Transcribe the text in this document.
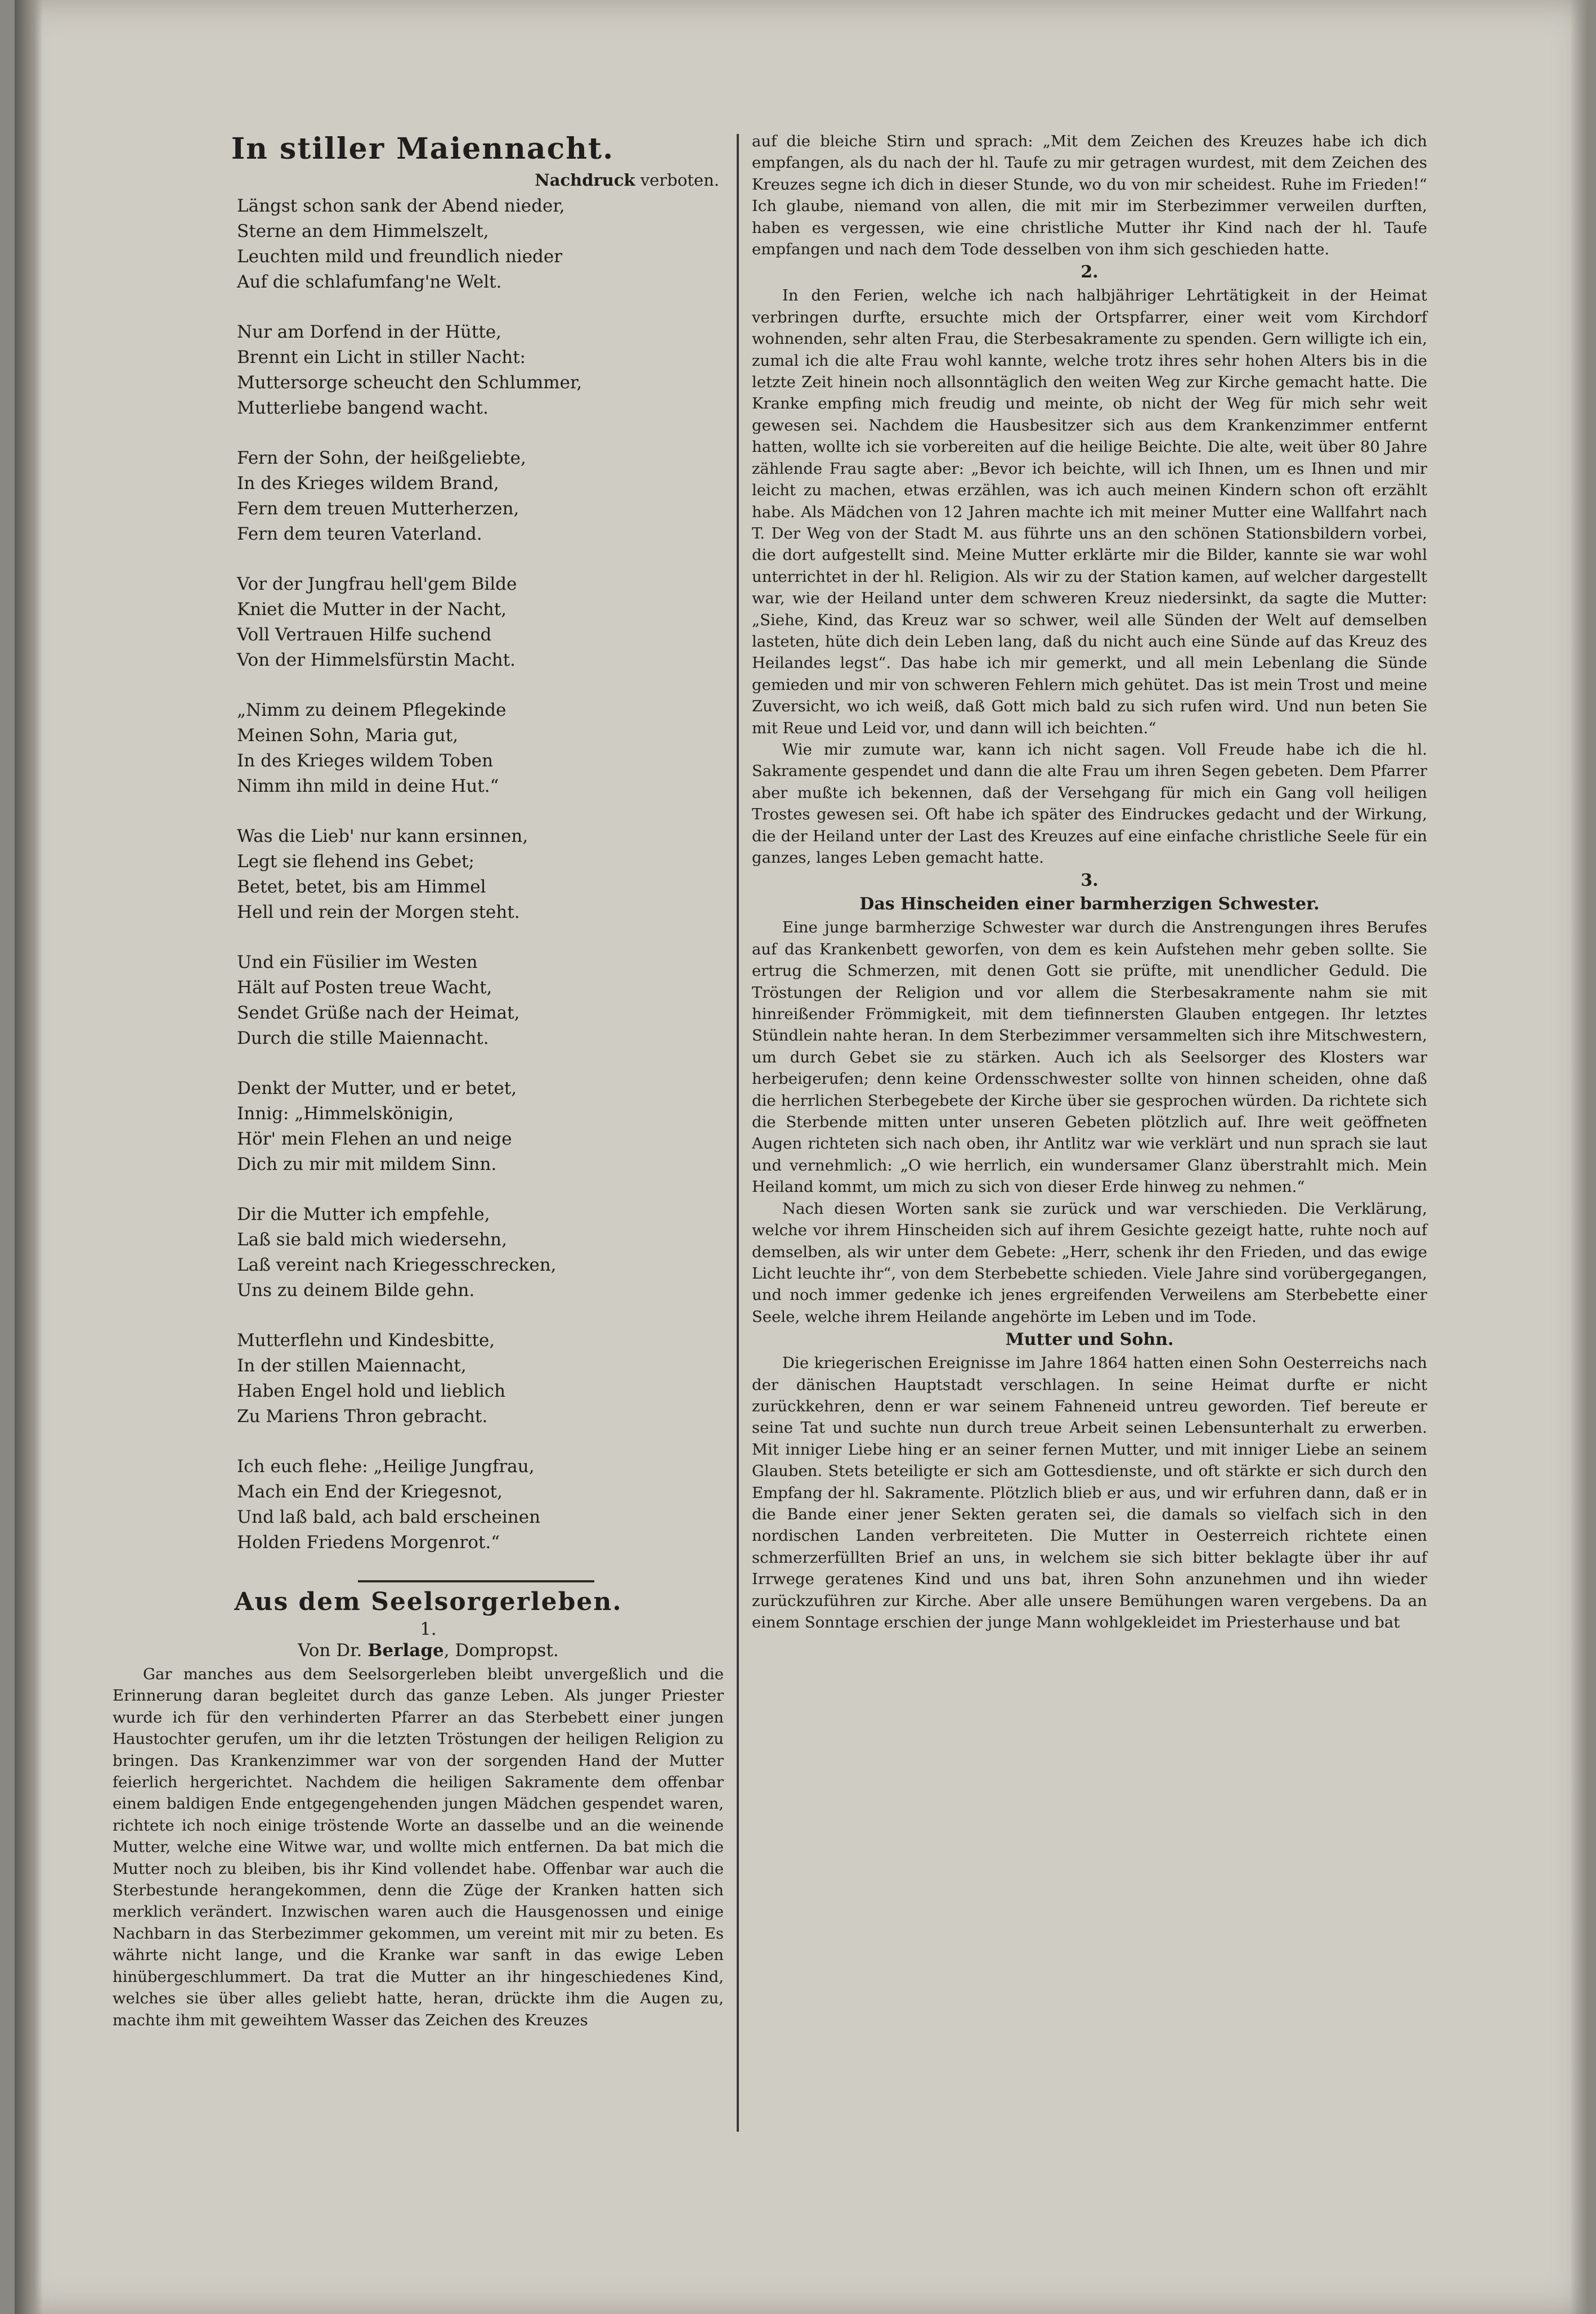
In stiller Maiennacht.
Nachdruck verboten.
Längst schon sank der Abend nieder,
Sterne an dem Himmelszelt,
Leuchten mild und freundlich nieder
Auf die schlafumfang'ne Welt.
Nur am Dorfend in der Hütte,
Brennt ein Licht in stiller Nacht:
Muttersorge scheucht den Schlummer,
Mutterliebe bangend wacht.
Fern der Sohn, der heißgeliebte,
In des Krieges wildem Brand,
Fern dem treuen Mutterherzen,
Fern dem teuren Vaterland.
Vor der Jungfrau hell'gem Bilde
Kniet die Mutter in der Nacht,
Voll Vertrauen Hilfe suchend
Von der Himmelsfürstin Macht.
„Nimm zu deinem Pflegekinde
Meinen Sohn, Maria gut,
In des Krieges wildem Toben
Nimm ihn mild in deine Hut.“
Was die Lieb' nur kann ersinnen,
Legt sie flehend ins Gebet;
Betet, betet, bis am Himmel
Hell und rein der Morgen steht.
Und ein Füsilier im Westen
Hält auf Posten treue Wacht,
Sendet Grüße nach der Heimat,
Durch die stille Maiennacht.
Denkt der Mutter, und er betet,
Innig: „Himmelskönigin,
Hör' mein Flehen an und neige
Dich zu mir mit mildem Sinn.
Dir die Mutter ich empfehle,
Laß sie bald mich wiedersehn,
Laß vereint nach Kriegesschrecken,
Uns zu deinem Bilde gehn.
Mutterflehn und Kindesbitte,
In der stillen Maiennacht,
Haben Engel hold und lieblich
Zu Mariens Thron gebracht.
Ich euch flehe: „Heilige Jungfrau,
Mach ein End der Kriegesnot,
Und laß bald, ach bald erscheinen
Holden Friedens Morgenrot.“
Aus dem Seelsorgerleben.
1.
Von Dr. Berlage, Dompropst.

Gar manches aus dem Seelsorgerleben bleibt unvergeßlich und die Erinnerung daran begleitet durch das ganze Leben. Als junger Priester wurde ich für den verhinderten Pfarrer an das Sterbebett einer jungen Haustochter gerufen, um ihr die letzten Tröstungen der heiligen Religion zu bringen. Das Krankenzimmer war von der sorgenden Hand der Mutter feierlich hergerichtet. Nachdem die heiligen Sakramente dem offenbar einem baldigen Ende entgegengehenden jungen Mädchen gespendet waren, richtete ich noch einige tröstende Worte an dasselbe und an die weinende Mutter, welche eine Witwe war, und wollte mich entfernen. Da bat mich die Mutter noch zu bleiben, bis ihr Kind vollendet habe. Offenbar war auch die Sterbestunde herangekommen, denn die Züge der Kranken hatten sich merklich verändert. Inzwischen waren auch die Hausgenossen und einige Nachbarn in das Sterbezimmer gekommen, um vereint mit mir zu beten. Es währte nicht lange, und die Kranke war sanft in das ewige Leben hinübergeschlummert. Da trat die Mutter an ihr hingeschiedenes Kind, welches sie über alles geliebt hatte, heran, drückte ihm die Augen zu, machte ihm mit geweihtem Wasser das Zeichen des Kreuzes

auf die bleiche Stirn und sprach: „Mit dem Zeichen des Kreuzes habe ich dich empfangen, als du nach der hl. Taufe zu mir getragen wurdest, mit dem Zeichen des Kreuzes segne ich dich in dieser Stunde, wo du von mir scheidest. Ruhe im Frieden!“ Ich glaube, niemand von allen, die mit mir im Sterbezimmer verweilen durften, haben es vergessen, wie eine christliche Mutter ihr Kind nach der hl. Taufe empfangen und nach dem Tode desselben von ihm sich geschieden hatte.

2.

In den Ferien, welche ich nach halbjähriger Lehrtätigkeit in der Heimat verbringen durfte, ersuchte mich der Ortspfarrer, einer weit vom Kirchdorf wohnenden, sehr alten Frau, die Sterbesakramente zu spenden. Gern willigte ich ein, zumal ich die alte Frau wohl kannte, welche trotz ihres sehr hohen Alters bis in die letzte Zeit hinein noch allsonntäglich den weiten Weg zur Kirche gemacht hatte. Die Kranke empfing mich freudig und meinte, ob nicht der Weg für mich sehr weit gewesen sei. Nachdem die Hausbesitzer sich aus dem Krankenzimmer entfernt hatten, wollte ich sie vorbereiten auf die heilige Beichte. Die alte, weit über 80 Jahre zählende Frau sagte aber: „Bevor ich beichte, will ich Ihnen, um es Ihnen und mir leicht zu machen, etwas erzählen, was ich auch meinen Kindern schon oft erzählt habe. Als Mädchen von 12 Jahren machte ich mit meiner Mutter eine Wallfahrt nach T. Der Weg von der Stadt M. aus führte uns an den schönen Stationsbildern vorbei, die dort aufgestellt sind. Meine Mutter erklärte mir die Bilder, kannte sie war wohl unterrichtet in der hl. Religion. Als wir zu der Station kamen, auf welcher dargestellt war, wie der Heiland unter dem schweren Kreuz niedersinkt, da sagte die Mutter: „Siehe, Kind, das Kreuz war so schwer, weil alle Sünden der Welt auf demselben lasteten, hüte dich dein Leben lang, daß du nicht auch eine Sünde auf das Kreuz des Heilandes legst“. Das habe ich mir gemerkt, und all mein Lebenlang die Sünde gemieden und mir von schweren Fehlern mich gehütet. Das ist mein Trost und meine Zuversicht, wo ich weiß, daß Gott mich bald zu sich rufen wird. Und nun beten Sie mit Reue und Leid vor, und dann will ich beichten.“

Wie mir zumute war, kann ich nicht sagen. Voll Freude habe ich die hl. Sakramente gespendet und dann die alte Frau um ihren Segen gebeten. Dem Pfarrer aber mußte ich bekennen, daß der Versehgang für mich ein Gang voll heiligen Trostes gewesen sei. Oft habe ich später des Eindruckes gedacht und der Wirkung, die der Heiland unter der Last des Kreuzes auf eine einfache christliche Seele für ein ganzes, langes Leben gemacht hatte.

3.
Das Hinscheiden einer barmherzigen Schwester.

Eine junge barmherzige Schwester war durch die Anstrengungen ihres Berufes auf das Krankenbett geworfen, von dem es kein Aufstehen mehr geben sollte. Sie ertrug die Schmerzen, mit denen Gott sie prüfte, mit unendlicher Geduld. Die Tröstungen der Religion und vor allem die Sterbesakramente nahm sie mit hinreißender Frömmigkeit, mit dem tiefinnersten Glauben entgegen. Ihr letztes Stündlein nahte heran. In dem Sterbezimmer versammelten sich ihre Mitschwestern, um durch Gebet sie zu stärken. Auch ich als Seelsorger des Klosters war herbeigerufen; denn keine Ordensschwester sollte von hinnen scheiden, ohne daß die herrlichen Sterbegebete der Kirche über sie gesprochen würden. Da richtete sich die Sterbende mitten unter unseren Gebeten plötzlich auf. Ihre weit geöffneten Augen richteten sich nach oben, ihr Antlitz war wie verklärt und nun sprach sie laut und vernehmlich: „O wie herrlich, ein wundersamer Glanz überstrahlt mich. Mein Heiland kommt, um mich zu sich von dieser Erde hinweg zu nehmen.“

Nach diesen Worten sank sie zurück und war verschieden. Die Verklärung, welche vor ihrem Hinscheiden sich auf ihrem Gesichte gezeigt hatte, ruhte noch auf demselben, als wir unter dem Gebete: „Herr, schenk ihr den Frieden, und das ewige Licht leuchte ihr“, von dem Sterbebette schieden. Viele Jahre sind vorübergegangen, und noch immer gedenke ich jenes ergreifenden Verweilens am Sterbebette einer Seele, welche ihrem Heilande angehörte im Leben und im Tode.

Mutter und Sohn.

Die kriegerischen Ereignisse im Jahre 1864 hatten einen Sohn Oesterreichs nach der dänischen Hauptstadt verschlagen. In seine Heimat durfte er nicht zurückkehren, denn er war seinem Fahneneid untreu geworden. Tief bereute er seine Tat und suchte nun durch treue Arbeit seinen Lebensunterhalt zu erwerben. Mit inniger Liebe hing er an seiner fernen Mutter, und mit inniger Liebe an seinem Glauben. Stets beteiligte er sich am Gottesdienste, und oft stärkte er sich durch den Empfang der hl. Sakramente. Plötzlich blieb er aus, und wir erfuhren dann, daß er in die Bande einer jener Sekten geraten sei, die damals so vielfach sich in den nordischen Landen verbreiteten. Die Mutter in Oesterreich richtete einen schmerzerfüllten Brief an uns, in welchem sie sich bitter beklagte über ihr auf Irrwege geratenes Kind und uns bat, ihren Sohn anzunehmen und ihn wieder zurückzuführen zur Kirche. Aber alle unsere Bemühungen waren vergebens. Da an einem Sonntage erschien der junge Mann wohlgekleidet im Priesterhause und bat
